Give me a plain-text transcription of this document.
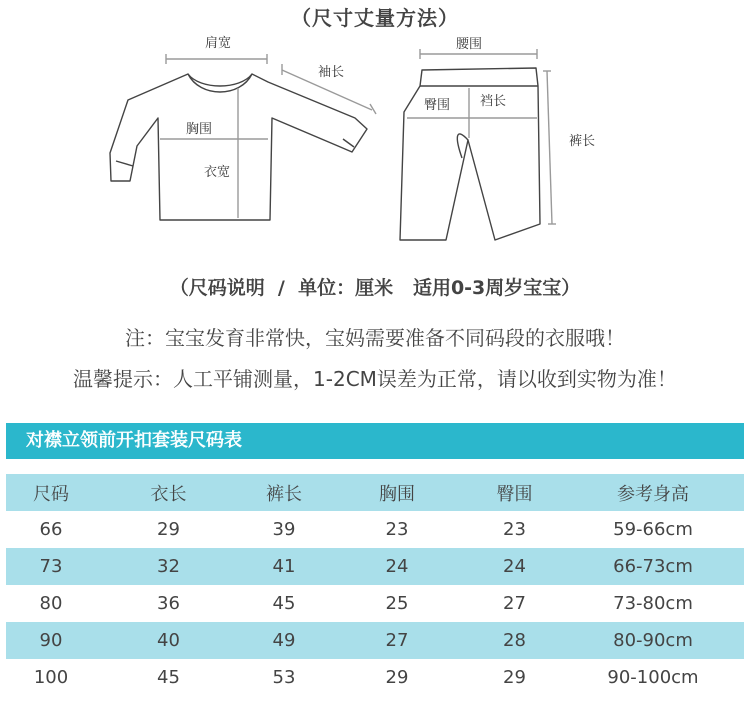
（尺寸丈量方法）
肩宽
袖长
胸围
衣宽
腰围
臀围 裆长
裤长
（尺码说明  /  单位：厘米   适用0-3周岁宝宝）
注：宝宝发育非常快，宝妈需要准备不同码段的衣服哦！
温馨提示：人工平铺测量，1-2CM误差为正常，请以收到实物为准！
对襟立领前开扣套装尺码表
尺码	衣长	裤长	胸围	臀围	参考身高
66	29	39	23	23	59-66cm
73	32	41	24	24	66-73cm
80	36	45	25	27	73-80cm
90	40	49	27	28	80-90cm
100	45	53	29	29	90-100cm
